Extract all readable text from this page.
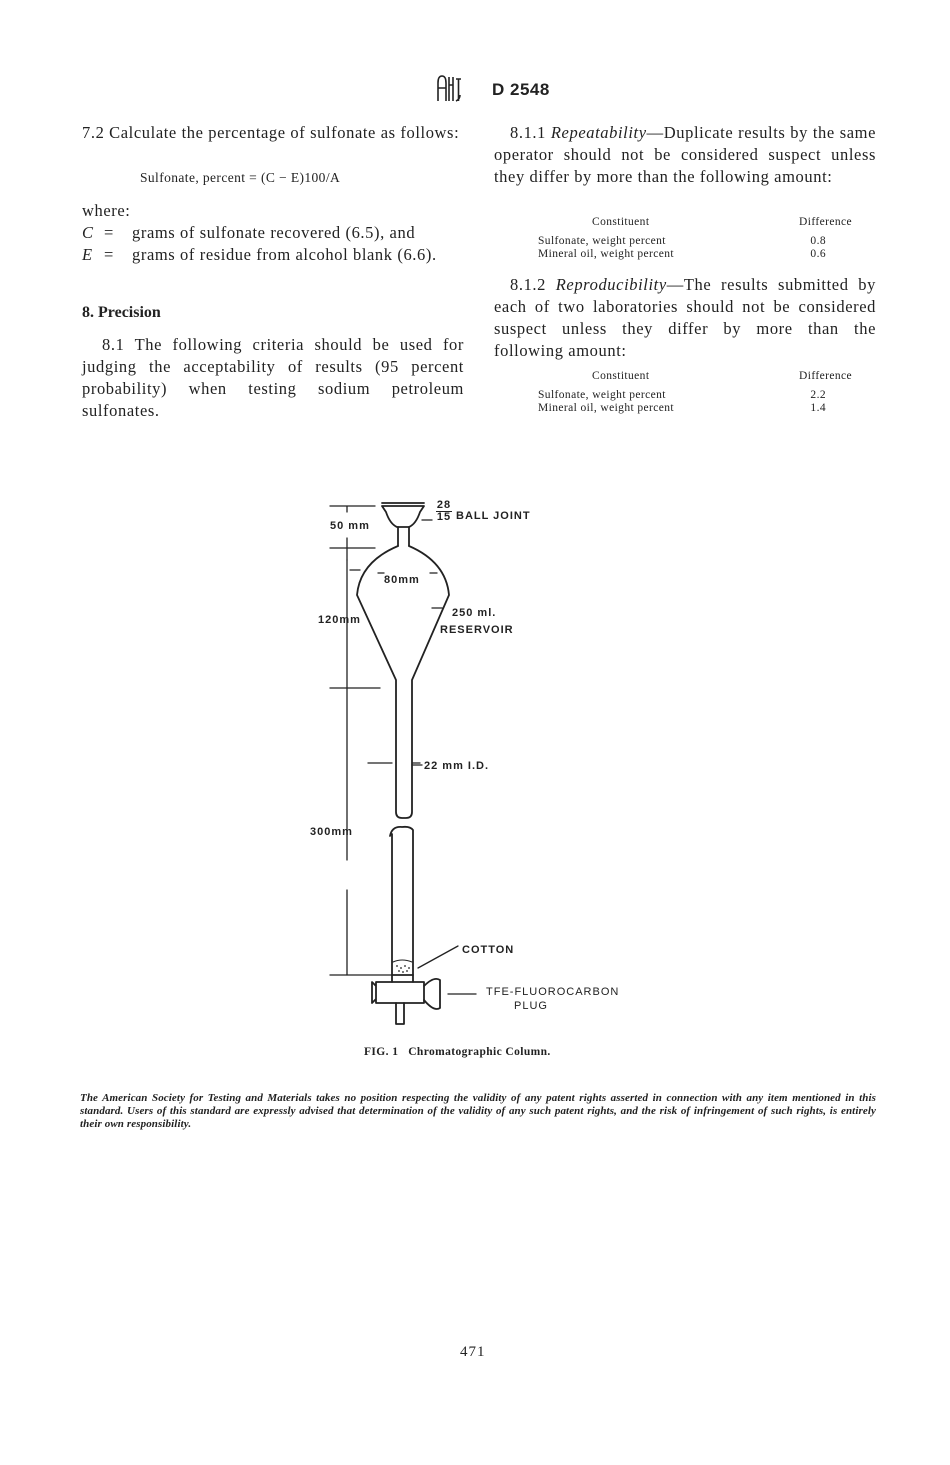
D 2548
7.2 Calculate the percentage of sulfonate as follows:
Sulfonate, percent = (C − E)100/A
where:
C = grams of sulfonate recovered (6.5), and
E = grams of residue from alcohol blank (6.6).
8. Precision
8.1 The following criteria should be used for judging the acceptability of results (95 percent probability) when testing sodium petroleum sulfonates.
8.1.1 Repeatability—Duplicate results by the same operator should not be considered suspect unless they differ by more than the following amount:
Constituent	Difference
Sulfonate, weight percent	0.8
Mineral oil, weight percent	0.6
8.1.2 Reproducibility—The results submitted by each of two laboratories should not be considered suspect unless they differ by more than the following amount:
Constituent	Difference
Sulfonate, weight percent	2.2
Mineral oil, weight percent	1.4
28
15 BALL JOINT
50 mm
80mm
120mm
250 ml.
RESERVOIR
22 mm I.D.
300mm
COTTON
TFE-FLUOROCARBON
PLUG
FIG. 1 Chromatographic Column.
The American Society for Testing and Materials takes no position respecting the validity of any patent rights asserted in connection with any item mentioned in this standard. Users of this standard are expressly advised that determination of the validity of any such patent rights, and the risk of infringement of such rights, is entirely their own responsibility.
471
